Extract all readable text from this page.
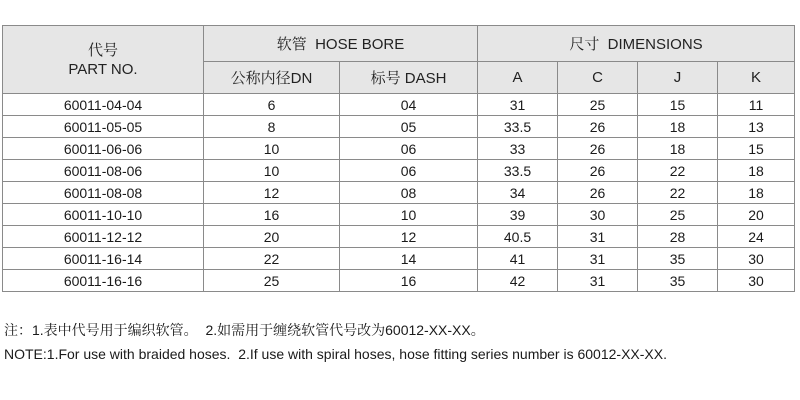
代号
PART NO.	软管  HOSE BORE		尺寸  DIMENSIONS			
	公称内径DN	标号 DASH	A	C	J	K
60011-04-04	6	04	31	25	15	11
60011-05-05	8	05	33.5	26	18	13
60011-06-06	10	06	33	26	18	15
60011-08-06	10	06	33.5	26	22	18
60011-08-08	12	08	34	26	22	18
60011-10-10	16	10	39	30	25	20
60011-12-12	20	12	40.5	31	28	24
60011-16-14	22	14	41	31	35	30
60011-16-16	25	16	42	31	35	30
注：1.表中代号用于编织软管。  2.如需用于缠绕软管代号改为60012-XX-XX。
NOTE:1.For use with braided hoses.  2.If use with spiral hoses, hose fitting series number is 60012-XX-XX.
